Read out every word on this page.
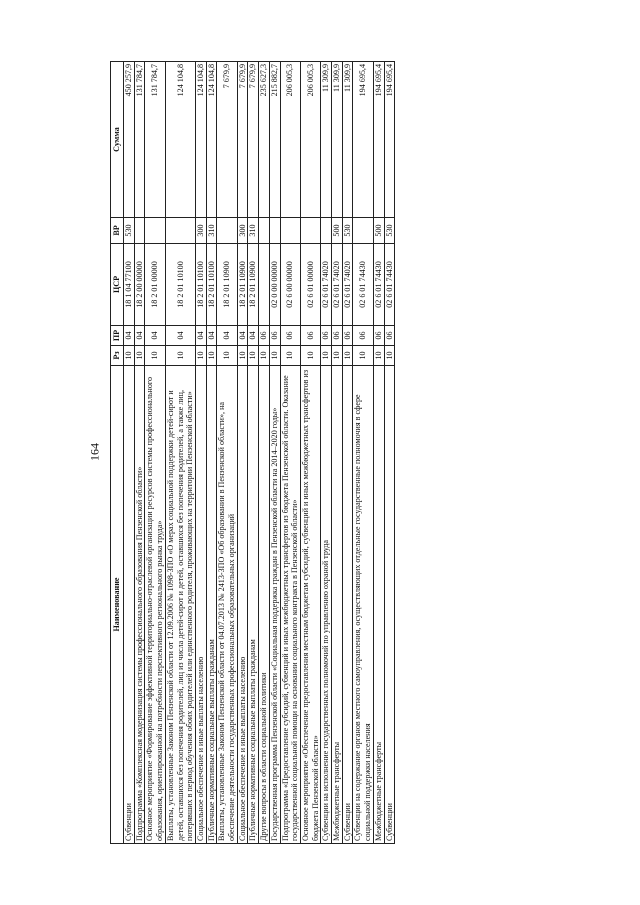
164
Наименование	Рз	ПР	ЦСР	ВР	Сумма
Субвенции	10	04	18 1 04 77100	530	450 257,9
Подпрограмма «Комплексная модернизация системы профессионального образования Пензенской области»	10	04	18 2 00 00000		131 784,7
Основное мероприятие «Формирование эффективной территориально-отраслевой организации ресурсов системы профессионального образования, ориентированной на потребности перспективного регионального рынка труда»	10	04	18 2 01 00000		131 784,7
Выплаты, установленные Законом Пензенской области от 12.09.2006 № 1098-ЗПО «О мерах социальной поддержки детей-сирот и детей, оставшихся без попечения родителей, лиц из числа детей-сирот и детей, оставшихся без попечения родителей, а также лиц, потерявших в период обучения обоих родителей или единственного родителя, проживающих на территории Пензенской области»	10	04	18 2 01 10100		124 104,8
Социальное обеспечение и иные выплаты населению	10	04	18 2 01 10100	300	124 104,8
Публичные нормативные социальные выплаты гражданам	10	04	18 2 01 10100	310	124 104,8
Выплаты, установленные Законом Пензенской области от 04.07.2013 № 2413-ЗПО «Об образовании в Пензенской области», на обеспечение деятельности государственных профессиональных образовательных организаций	10	04	18 2 01 10900		7 679,9
Социальное обеспечение и иные выплаты населению	10	04	18 2 01 10900	300	7 679,9
Публичные нормативные социальные выплаты гражданам	10	04	18 2 01 10900	310	7 679,9
Другие вопросы в области социальной политики	10	06			235 627,3
Государственная программа Пензенской области «Социальная поддержка граждан в Пензенской области на 2014–2020 годы»	10	06	02 0 00 00000		215 882,7
Подпрограмма «Предоставление субсидий, субвенций и иных межбюджетных трансфертов из бюджета Пензенской области. Оказание государственной социальной помощи на основании социального контракта в Пензенской области»	10	06	02 6 00 00000		206 005,3
Основное мероприятие «Обеспечение предоставления местным бюджетам субсидий, субвенций и иных межбюджетных трансфертов из бюджета Пензенской области»	10	06	02 6 01 00000		206 005,3
Субвенции на исполнение государственных полномочий по управлению охраной труда	10	06	02 6 01 74020		11 309,9
Межбюджетные трансферты	10	06	02 6 01 74020	500	11 309,9
Субвенции	10	06	02 6 01 74020	530	11 309,9
Субвенции на содержание органов местного самоуправления, осуществляющих отдельные государственные полномочия в сфере социальной поддержки населения	10	06	02 6 01 74430		194 695,4
Межбюджетные трансферты	10	06	02 6 01 74430	500	194 695,4
Субвенции	10	06	02 6 01 74430	530	194 695,4
